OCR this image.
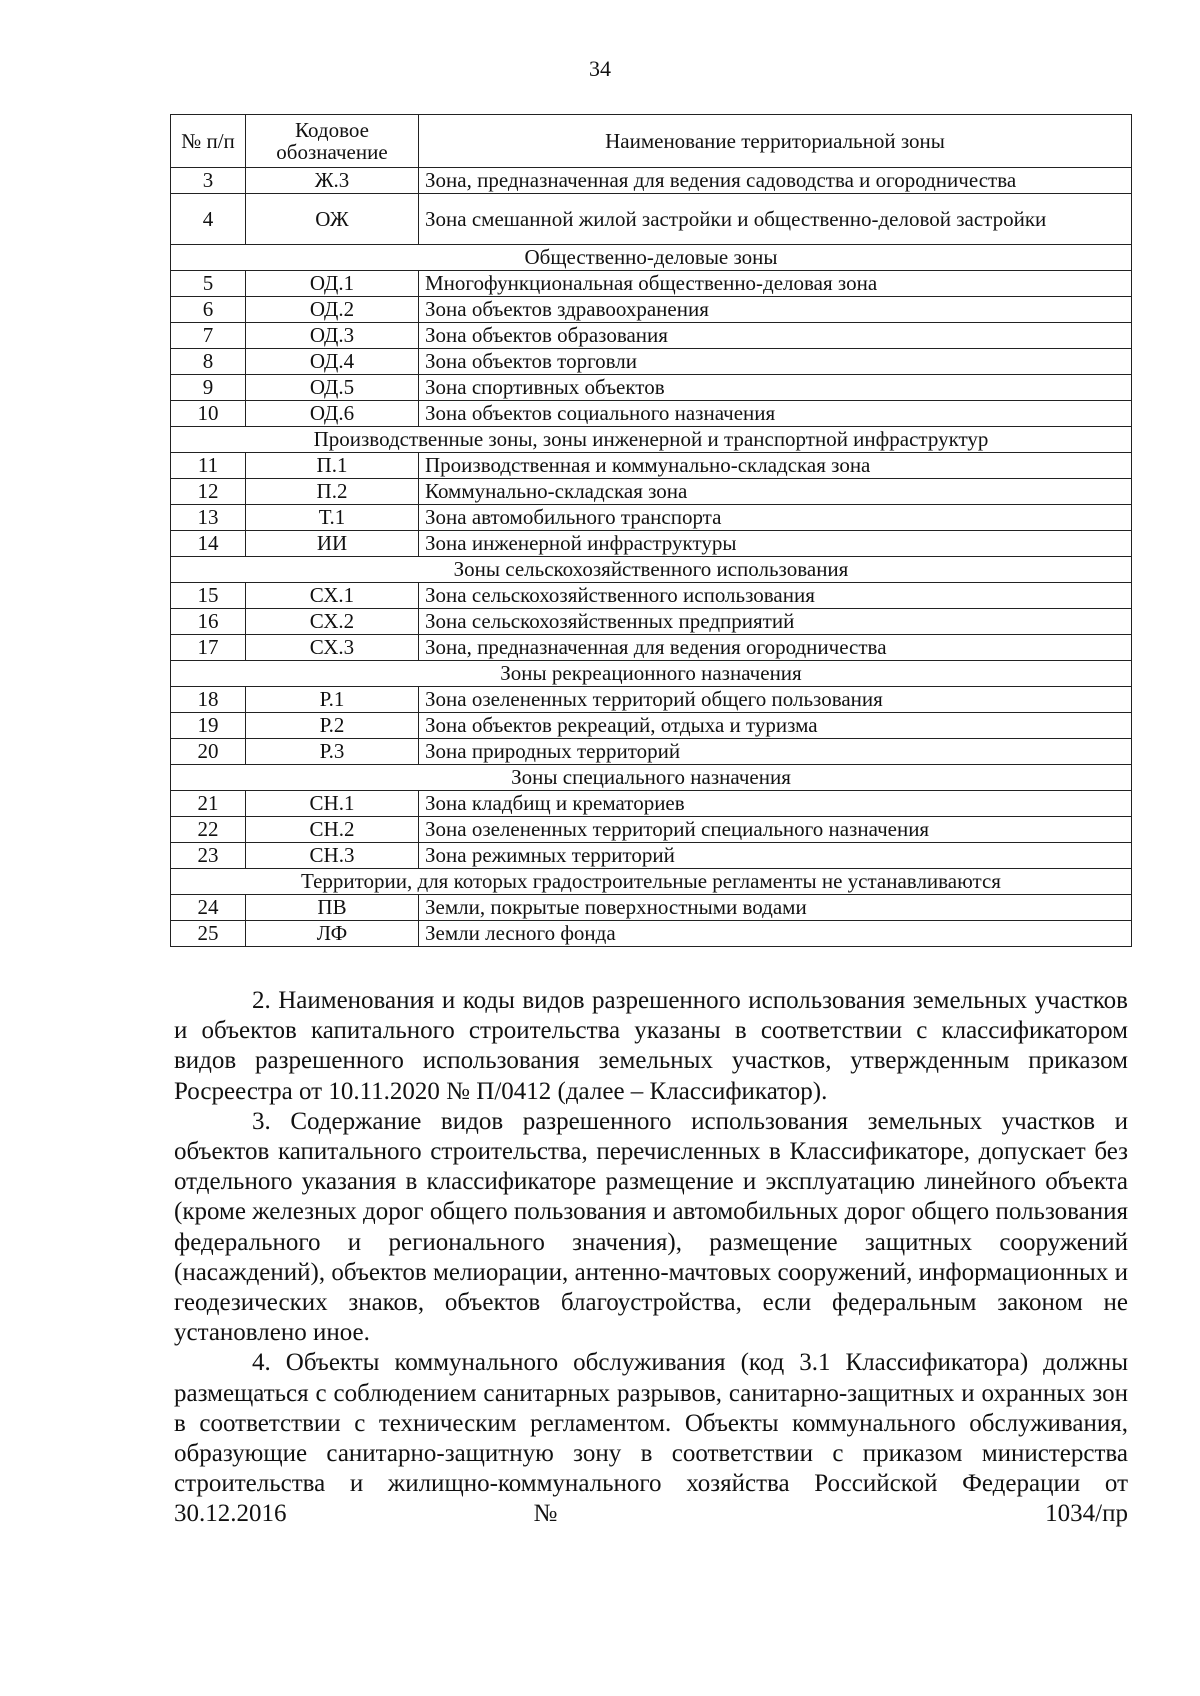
34
№ п/п	Кодовое обозначение	Наименование территориальной зоны
3	Ж.3	Зона, предназначенная для ведения садоводства и огородничества
4	ОЖ	Зона смешанной жилой застройки и общественно-деловой застройки
Общественно-деловые зоны		
5	ОД.1	Многофункциональная общественно-деловая зона
6	ОД.2	Зона объектов здравоохранения
7	ОД.3	Зона объектов образования
8	ОД.4	Зона объектов торговли
9	ОД.5	Зона спортивных объектов
10	ОД.6	Зона объектов социального назначения
Производственные зоны, зоны инженерной и транспортной инфраструктур		
11	П.1	Производственная и коммунально-складская зона
12	П.2	Коммунально-складская зона
13	Т.1	Зона автомобильного транспорта
14	ИИ	Зона инженерной инфраструктуры
Зоны сельскохозяйственного использования		
15	СХ.1	Зона сельскохозяйственного использования
16	СХ.2	Зона сельскохозяйственных предприятий
17	СХ.3	Зона, предназначенная для ведения огородничества
Зоны рекреационного назначения		
18	Р.1	Зона озелененных территорий общего пользования
19	Р.2	Зона объектов рекреаций, отдыха и туризма
20	Р.3	Зона природных территорий
Зоны специального назначения		
21	СН.1	Зона кладбищ и крематориев
22	СН.2	Зона озелененных территорий специального назначения
23	СН.3	Зона режимных территорий
Территории, для которых градостроительные регламенты не устанавливаются		
24	ПВ	Земли, покрытые поверхностными водами
25	ЛФ	Земли лесного фонда

2. Наименования и коды видов разрешенного использования земельных участков и объектов капитального строительства указаны в соответствии с классификатором видов разрешенного использования земельных участков, утвержденным приказом Росреестра от 10.11.2020 № П/0412 (далее – Классификатор).

3. Содержание видов разрешенного использования земельных участков и объектов капитального строительства, перечисленных в Классификаторе, допускает без отдельного указания в классификаторе размещение и эксплуатацию линейного объекта (кроме железных дорог общего пользования и автомобильных дорог общего пользования федерального и регионального значения), размещение защитных сооружений (насаждений), объектов мелиорации, антенно-мачтовых сооружений, информационных и геодезических знаков, объектов благоустройства, если федеральным законом не установлено иное.

4. Объекты коммунального обслуживания (код 3.1 Классификатора) должны размещаться с соблюдением санитарных разрывов, санитарно-защитных и охранных зон в соответствии с техническим регламентом. Объекты коммунального обслуживания, образующие санитарно-защитную зону в соответствии с приказом министерства строительства и жилищно-коммунального хозяйства Российской Федерации от 30.12.2016 № 1034/пр
